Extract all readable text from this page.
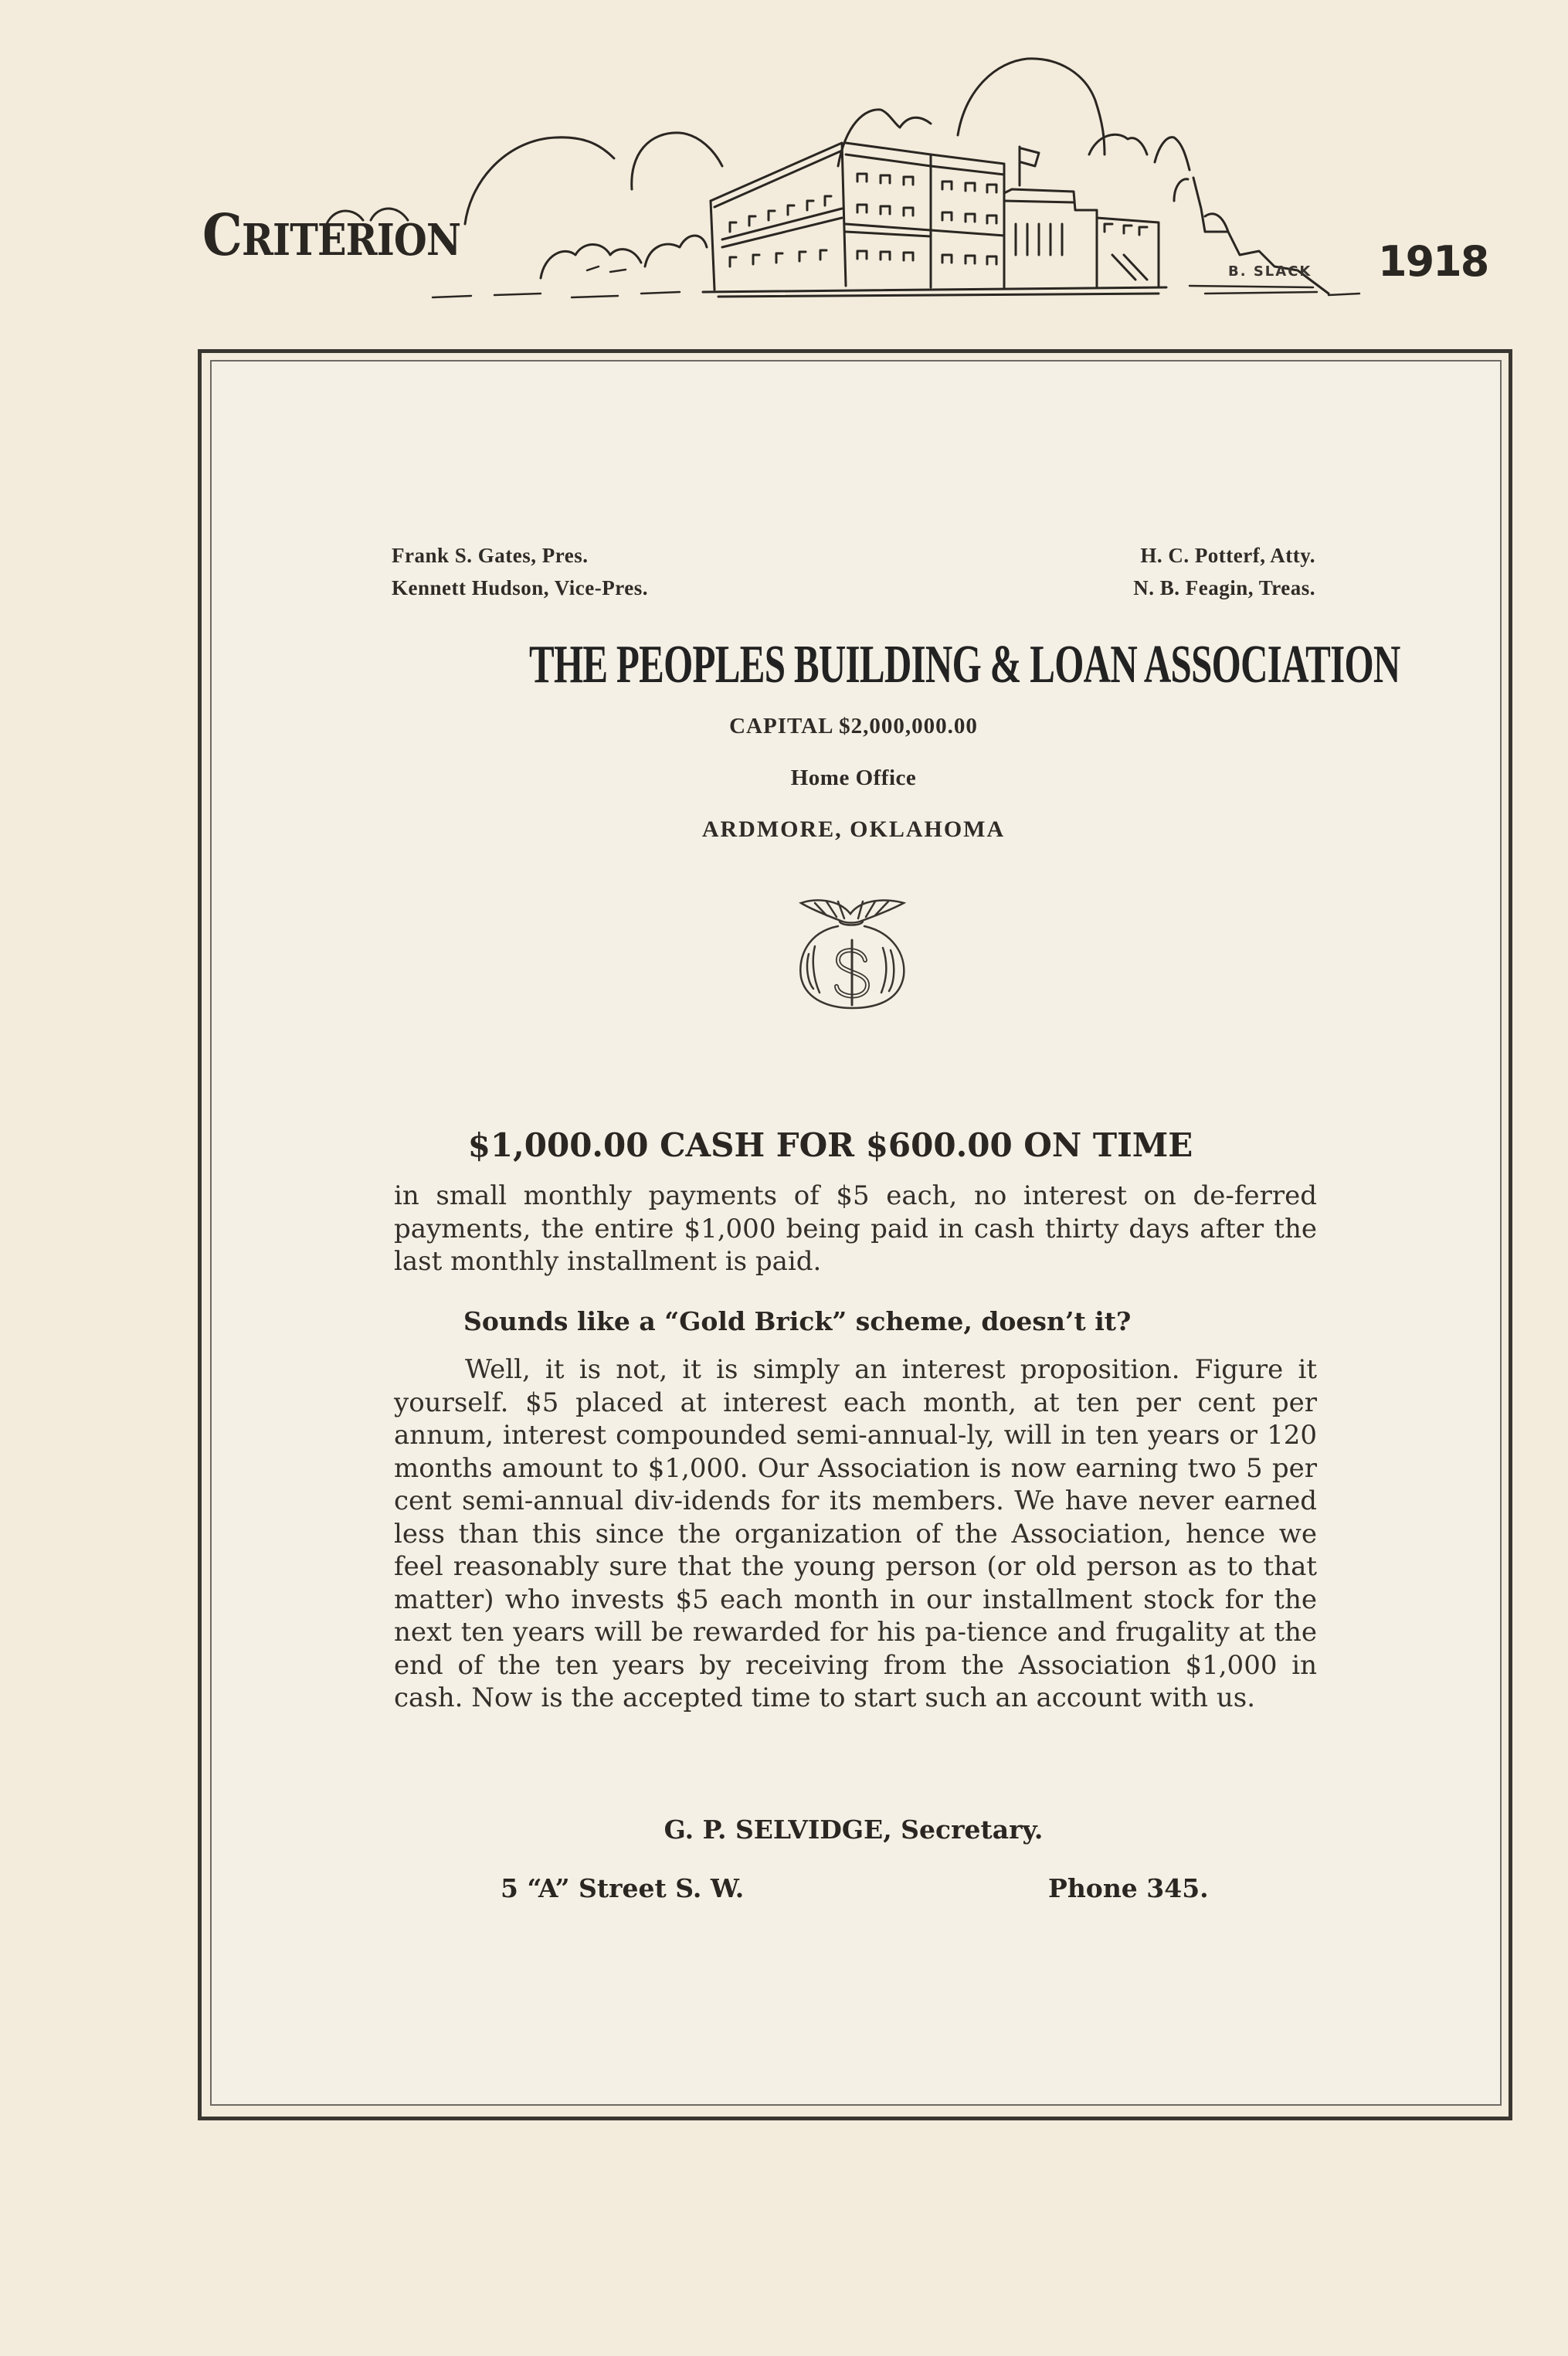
CRITERION
B. SLACK 1918
Frank S. Gates, Pres.
Kennett Hudson, Vice-Pres.
H. C. Potterf, Atty.
N. B. Feagin, Treas.
THE PEOPLES BUILDING & LOAN ASSOCIATION
CAPITAL $2,000,000.00
Home Office
ARDMORE, OKLAHOMA
$1,000.00 CASH FOR $600.00 ON TIME

in small monthly payments of $5 each, no interest on de-ferred payments, the entire $1,000 being paid in cash thirty days after the last monthly installment is paid.

Sounds like a “Gold Brick” scheme, doesn’t it?

Well, it is not, it is simply an interest proposition. Figure it yourself. $5 placed at interest each month, at ten per cent per annum, interest compounded semi-annual-ly, will in ten years or 120 months amount to $1,000. Our Association is now earning two 5 per cent semi-annual div-idends for its members. We have never earned less than this since the organization of the Association, hence we feel reasonably sure that the young person (or old person as to that matter) who invests $5 each month in our installment stock for the next ten years will be rewarded for his pa-tience and frugality at the end of the ten years by receiving from the Association $1,000 in cash. Now is the accepted time to start such an account with us.

G. P. SELVIDGE, Secretary.
5 “A” Street S. W.	Phone 345.
